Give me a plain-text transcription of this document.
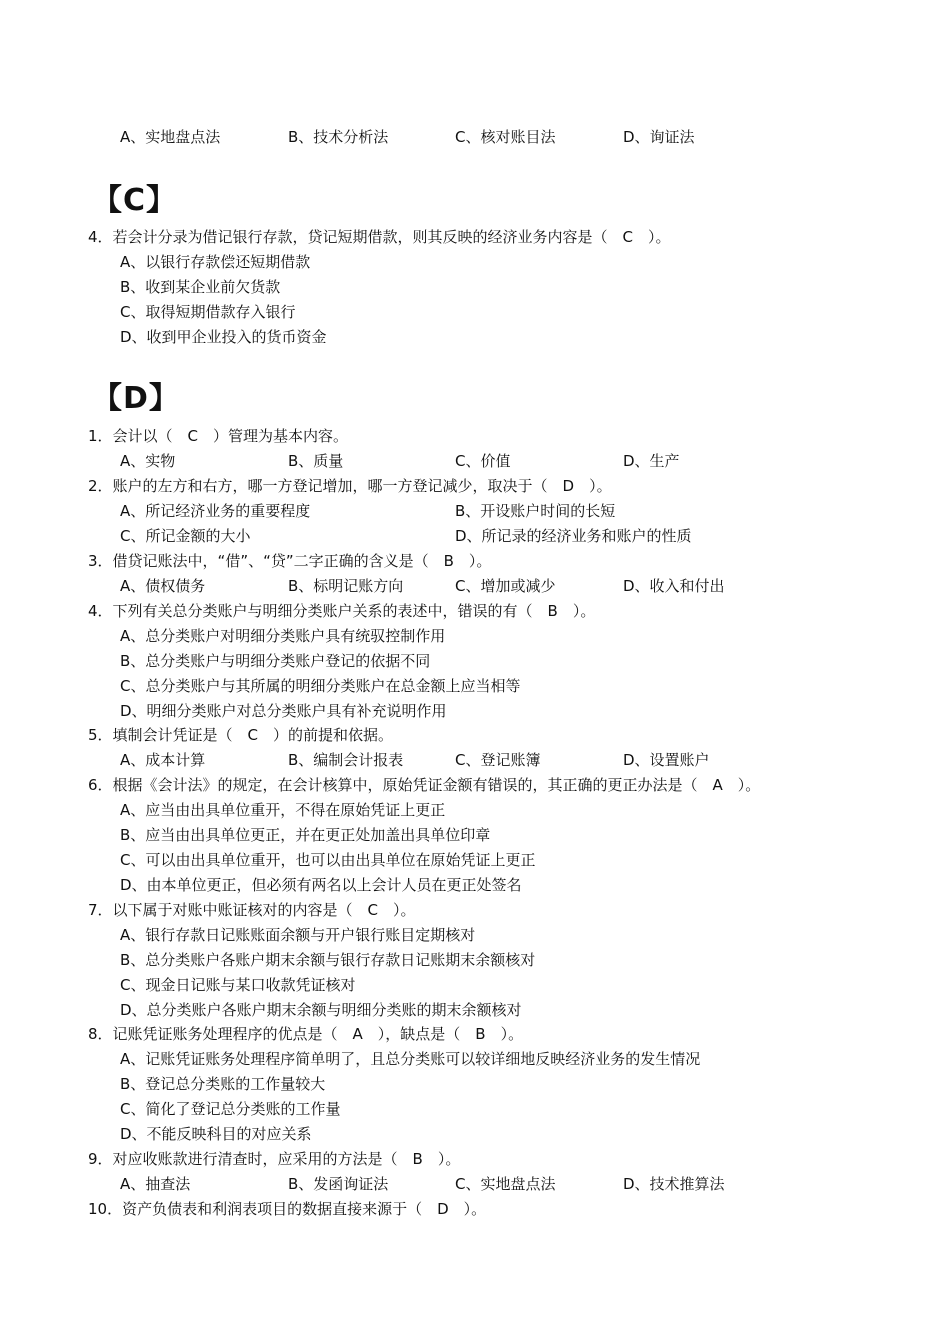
A、实地盘点法	B、技术分析法	C、核对账目法	D、询证法
【C】
4．若会计分录为借记银行存款，贷记短期借款，则其反映的经济业务内容是（　C　）。
A、以银行存款偿还短期借款
B、收到某企业前欠货款
C、取得短期借款存入银行
D、收到甲企业投入的货币资金
【D】
1．会计以（　C　）管理为基本内容。
A、实物	B、质量	C、价值	D、生产
2．账户的左方和右方，哪一方登记增加，哪一方登记减少，取决于（　D　）。
A、所记经济业务的重要程度	B、开设账户时间的长短
C、所记金额的大小	D、所记录的经济业务和账户的性质
3．借贷记账法中，“借”、“贷”二字正确的含义是（　B　）。
A、债权债务	B、标明记账方向	C、增加或减少	D、收入和付出
4．下列有关总分类账户与明细分类账户关系的表述中，错误的有（　B　）。
A、总分类账户对明细分类账户具有统驭控制作用
B、总分类账户与明细分类账户登记的依据不同
C、总分类账户与其所属的明细分类账户在总金额上应当相等
D、明细分类账户对总分类账户具有补充说明作用
5．填制会计凭证是（　C　）的前提和依据。
A、成本计算	B、编制会计报表	C、登记账簿	D、设置账户
6．根据《会计法》的规定，在会计核算中，原始凭证金额有错误的，其正确的更正办法是（　A　）。
A、应当由出具单位重开，不得在原始凭证上更正
B、应当由出具单位更正，并在更正处加盖出具单位印章
C、可以由出具单位重开，也可以由出具单位在原始凭证上更正
D、由本单位更正，但必须有两名以上会计人员在更正处签名
7．以下属于对账中账证核对的内容是（　C　）。
A、银行存款日记账账面余额与开户银行账目定期核对
B、总分类账户各账户期末余额与银行存款日记账期末余额核对
C、现金日记账与某口收款凭证核对
D、总分类账户各账户期末余额与明细分类账的期末余额核对
8．记账凭证账务处理程序的优点是（　A　），缺点是（　B　）。
A、记账凭证账务处理程序简单明了，且总分类账可以较详细地反映经济业务的发生情况
B、登记总分类账的工作量较大
C、简化了登记总分类账的工作量
D、不能反映科目的对应关系
9．对应收账款进行清查时，应采用的方法是（　B　）。
A、抽查法	B、发函询证法	C、实地盘点法	D、技术推算法
10．资产负债表和利润表项目的数据直接来源于（　D　）。
